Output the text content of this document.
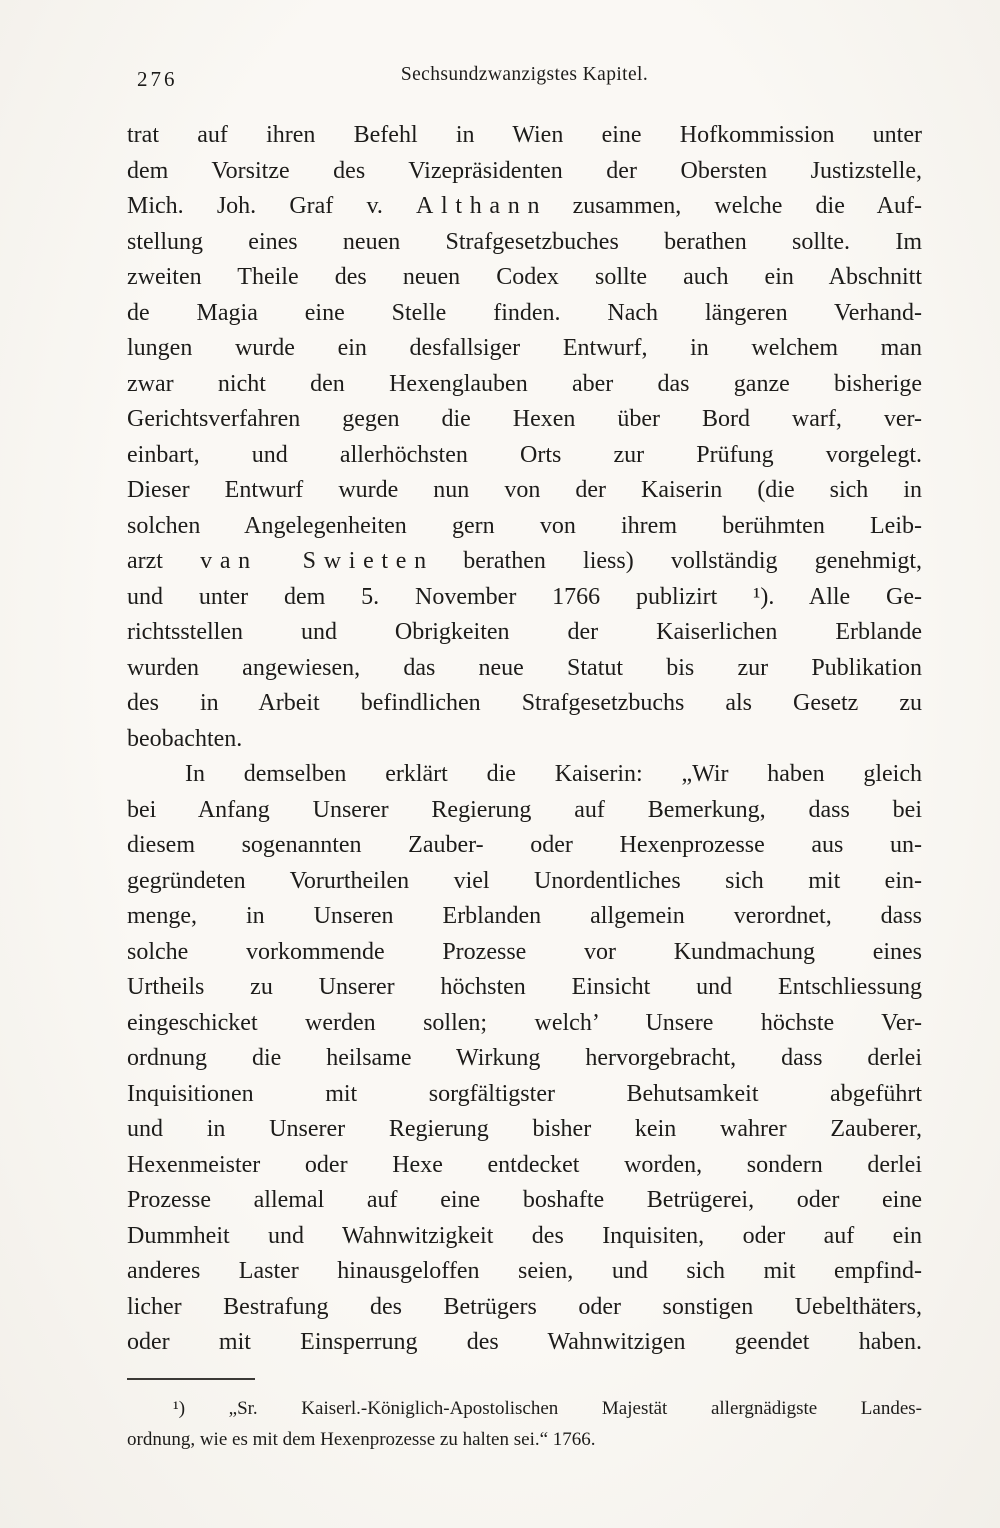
276	Sechsundzwanzigstes Kapitel.
trat auf ihren Befehl in Wien eine Hofkommission unter
dem Vorsitze des Vizepräsidenten der Obersten Justizstelle,
Mich. Joh. Graf v. Althann zusammen, welche die Auf-
stellung eines neuen Strafgesetzbuches berathen sollte. Im
zweiten Theile des neuen Codex sollte auch ein Abschnitt
de Magia eine Stelle finden. Nach längeren Verhand-
lungen wurde ein desfallsiger Entwurf, in welchem man
zwar nicht den Hexenglauben aber das ganze bisherige
Gerichtsverfahren gegen die Hexen über Bord warf, ver-
einbart, und allerhöchsten Orts zur Prüfung vorgelegt.
Dieser Entwurf wurde nun von der Kaiserin (die sich in
solchen Angelegenheiten gern von ihrem berühmten Leib-
arzt van Swieten berathen liess) vollständig genehmigt,
und unter dem 5. November 1766 publizirt ¹). Alle Ge-
richtsstellen und Obrigkeiten der Kaiserlichen Erblande
wurden angewiesen, das neue Statut bis zur Publikation
des in Arbeit befindlichen Strafgesetzbuchs als Gesetz zu
beobachten.
In demselben erklärt die Kaiserin: „Wir haben gleich
bei Anfang Unserer Regierung auf Bemerkung, dass bei
diesem sogenannten Zauber- oder Hexenprozesse aus un-
gegründeten Vorurtheilen viel Unordentliches sich mit ein-
menge, in Unseren Erblanden allgemein verordnet, dass
solche vorkommende Prozesse vor Kundmachung eines
Urtheils zu Unserer höchsten Einsicht und Entschliessung
eingeschicket werden sollen; welch’ Unsere höchste Ver-
ordnung die heilsame Wirkung hervorgebracht, dass derlei
Inquisitionen mit sorgfältigster Behutsamkeit abgeführt
und in Unserer Regierung bisher kein wahrer Zauberer,
Hexenmeister oder Hexe entdecket worden, sondern derlei
Prozesse allemal auf eine boshafte Betrügerei, oder eine
Dummheit und Wahnwitzigkeit des Inquisiten, oder auf ein
anderes Laster hinausgeloffen seien, und sich mit empfind-
licher Bestrafung des Betrügers oder sonstigen Uebelthäters,
oder mit Einsperrung des Wahnwitzigen geendet haben.
¹) „Sr. Kaiserl.-Königlich-Apostolischen Majestät allergnädigste Landes-
ordnung, wie es mit dem Hexenprozesse zu halten sei.“ 1766.
